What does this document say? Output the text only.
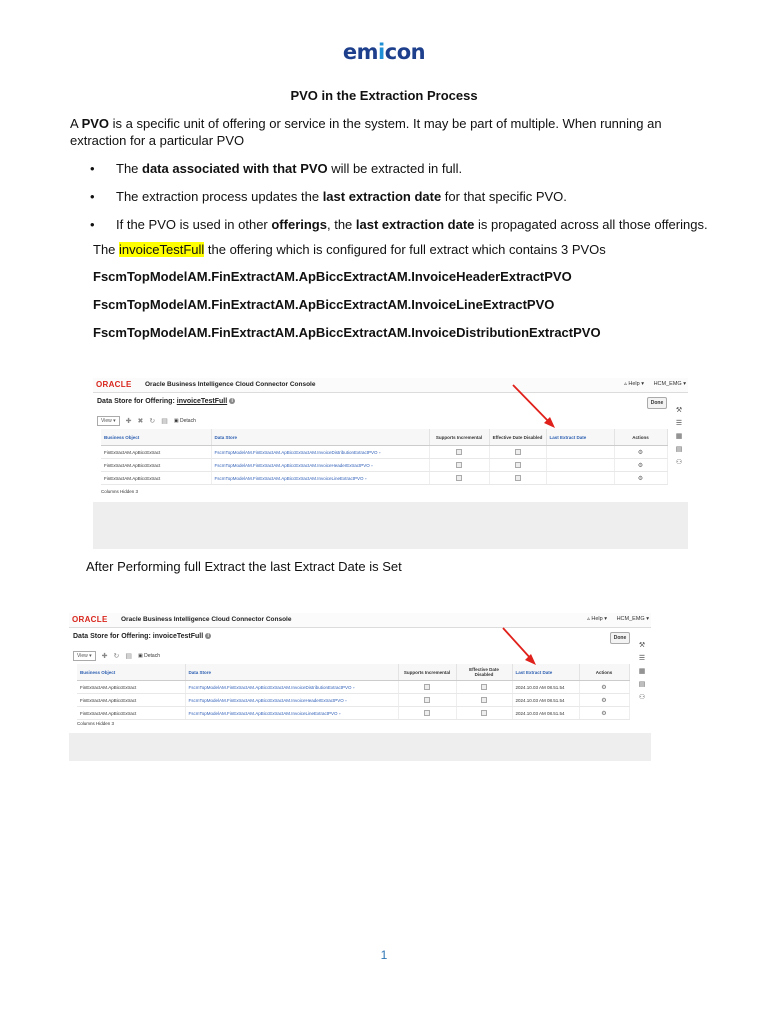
emicon
PVO in the Extraction Process
A PVO is a specific unit of offering or service in the system. It may be part of multiple. When running an extraction for a particular PVO
• The data associated with that PVO will be extracted in full.
• The extraction process updates the last extraction date for that specific PVO.
• If the PVO is used in other offerings, the last extraction date is propagated across all those offerings.
The invoiceTestFull the offering which is configured for full extract which contains 3 PVOs
FscmTopModelAM.FinExtractAM.ApBiccExtractAM.InvoiceHeaderExtractPVO
FscmTopModelAM.FinExtractAM.ApBiccExtractAM.InvoiceLineExtractPVO
FscmTopModelAM.FinExtractAM.ApBiccExtractAM.InvoiceDistributionExtractPVO
ORACLE Oracle Business Intelligence Cloud Connector Console	▵ Help ▾ HCM_EMG ▾
Data Store for Offering: invoiceTestFull i	Done
View ▾	✚ ✖ ↻ ▤ ▣ Detach
Business Object	Data Store	Supports Incremental	Effective Date Disabled	Last Extract Date	Actions
FinExtractAM.ApBiccExtract	FscmTopModelAM.FinExtractAM.ApBiccExtractAM.InvoiceDistributionExtractPVO ▫				⚙
FinExtractAM.ApBiccExtract	FscmTopModelAM.FinExtractAM.ApBiccExtractAM.InvoiceHeaderExtractPVO ▫				⚙
FinExtractAM.ApBiccExtract	FscmTopModelAM.FinExtractAM.ApBiccExtractAM.InvoiceLineExtractPVO ▫				⚙
Columns Hidden 3
⚒
☰
▦
▤
⚇
After Performing full Extract the last Extract Date is Set
ORACLE Oracle Business Intelligence Cloud Connector Console	▵ Help ▾ HCM_EMG ▾
Data Store for Offering: invoiceTestFull i	Done
View ▾	✚ ↻ ▤ ▣ Detach
Business Object	Data Store	Supports Incremental	Effective Date Disabled	Last Extract Date	Actions
FinExtractAM.ApBiccExtract	FscmTopModelAM.FinExtractAM.ApBiccExtractAM.InvoiceDistributionExtractPVO ▫			2024.10.03 AM 08.51.54	⚙
FinExtractAM.ApBiccExtract	FscmTopModelAM.FinExtractAM.ApBiccExtractAM.InvoiceHeaderExtractPVO ▫			2024.10.03 AM 08.51.54	⚙
FinExtractAM.ApBiccExtract	FscmTopModelAM.FinExtractAM.ApBiccExtractAM.InvoiceLineExtractPVO ▫			2024.10.03 AM 08.51.54	⚙
Columns Hidden 3
⚒
☰
▦
▤
⚇
1
